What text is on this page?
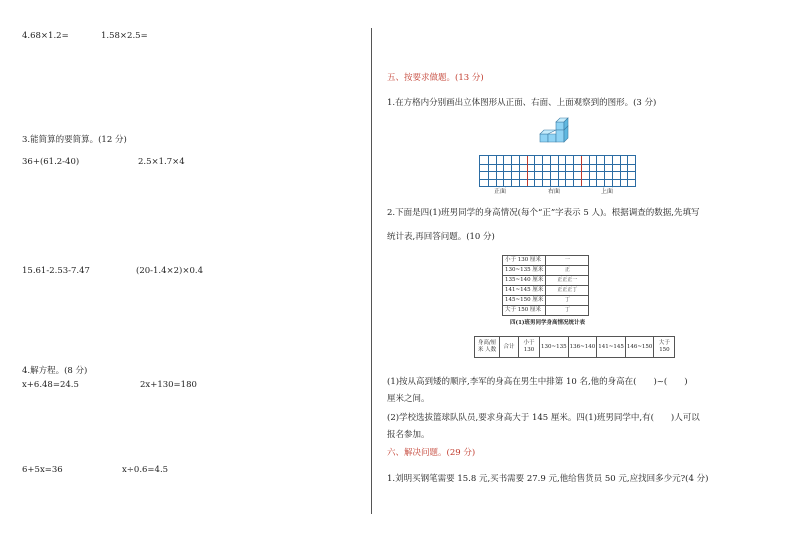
4.68×1.2=	1.58×2.5=
3.能简算的要简算。(12 分)
36+(61.2-40)	2.5×1.7×4
15.61-2.53-7.47	(20-1.4×2)×0.4
4.解方程。(8 分)
x+6.48=24.5	2x+130=180
6+5x=36	x÷0.6=4.5
五、按要求做题。(13 分)
1.在方格内分别画出立体图形从正面、右面、上面观察到的图形。(3 分)
正面	右面	上面
2.下面是四(1)班男同学的身高情况(每个“正”字表示 5 人)。根据调查的数据,先填写
统计表,再回答问题。(10 分)
小于 130 厘米	一
130~135 厘米	正
135~140 厘米	正正正一
141~145 厘米	正正正丁
145~150 厘米	丁
大于 150 厘米	丁
四(1)班男同学身高情况统计表
身高/厘米 人数	合计	小于130	130~135	136~140	141~145	146~150	大于150
(1)按从高到矮的顺序,李军的身高在男生中排第 10 名,他的身高在(　　)~(　　)
厘米之间。
(2)学校选拔篮球队队员,要求身高大于 145 厘米。四(1)班男同学中,有(　　)人可以
报名参加。
六、解决问题。(29 分)
1.刘明买钢笔需要 15.8 元,买书需要 27.9 元,他给售货员 50 元,应找回多少元?(4 分)
